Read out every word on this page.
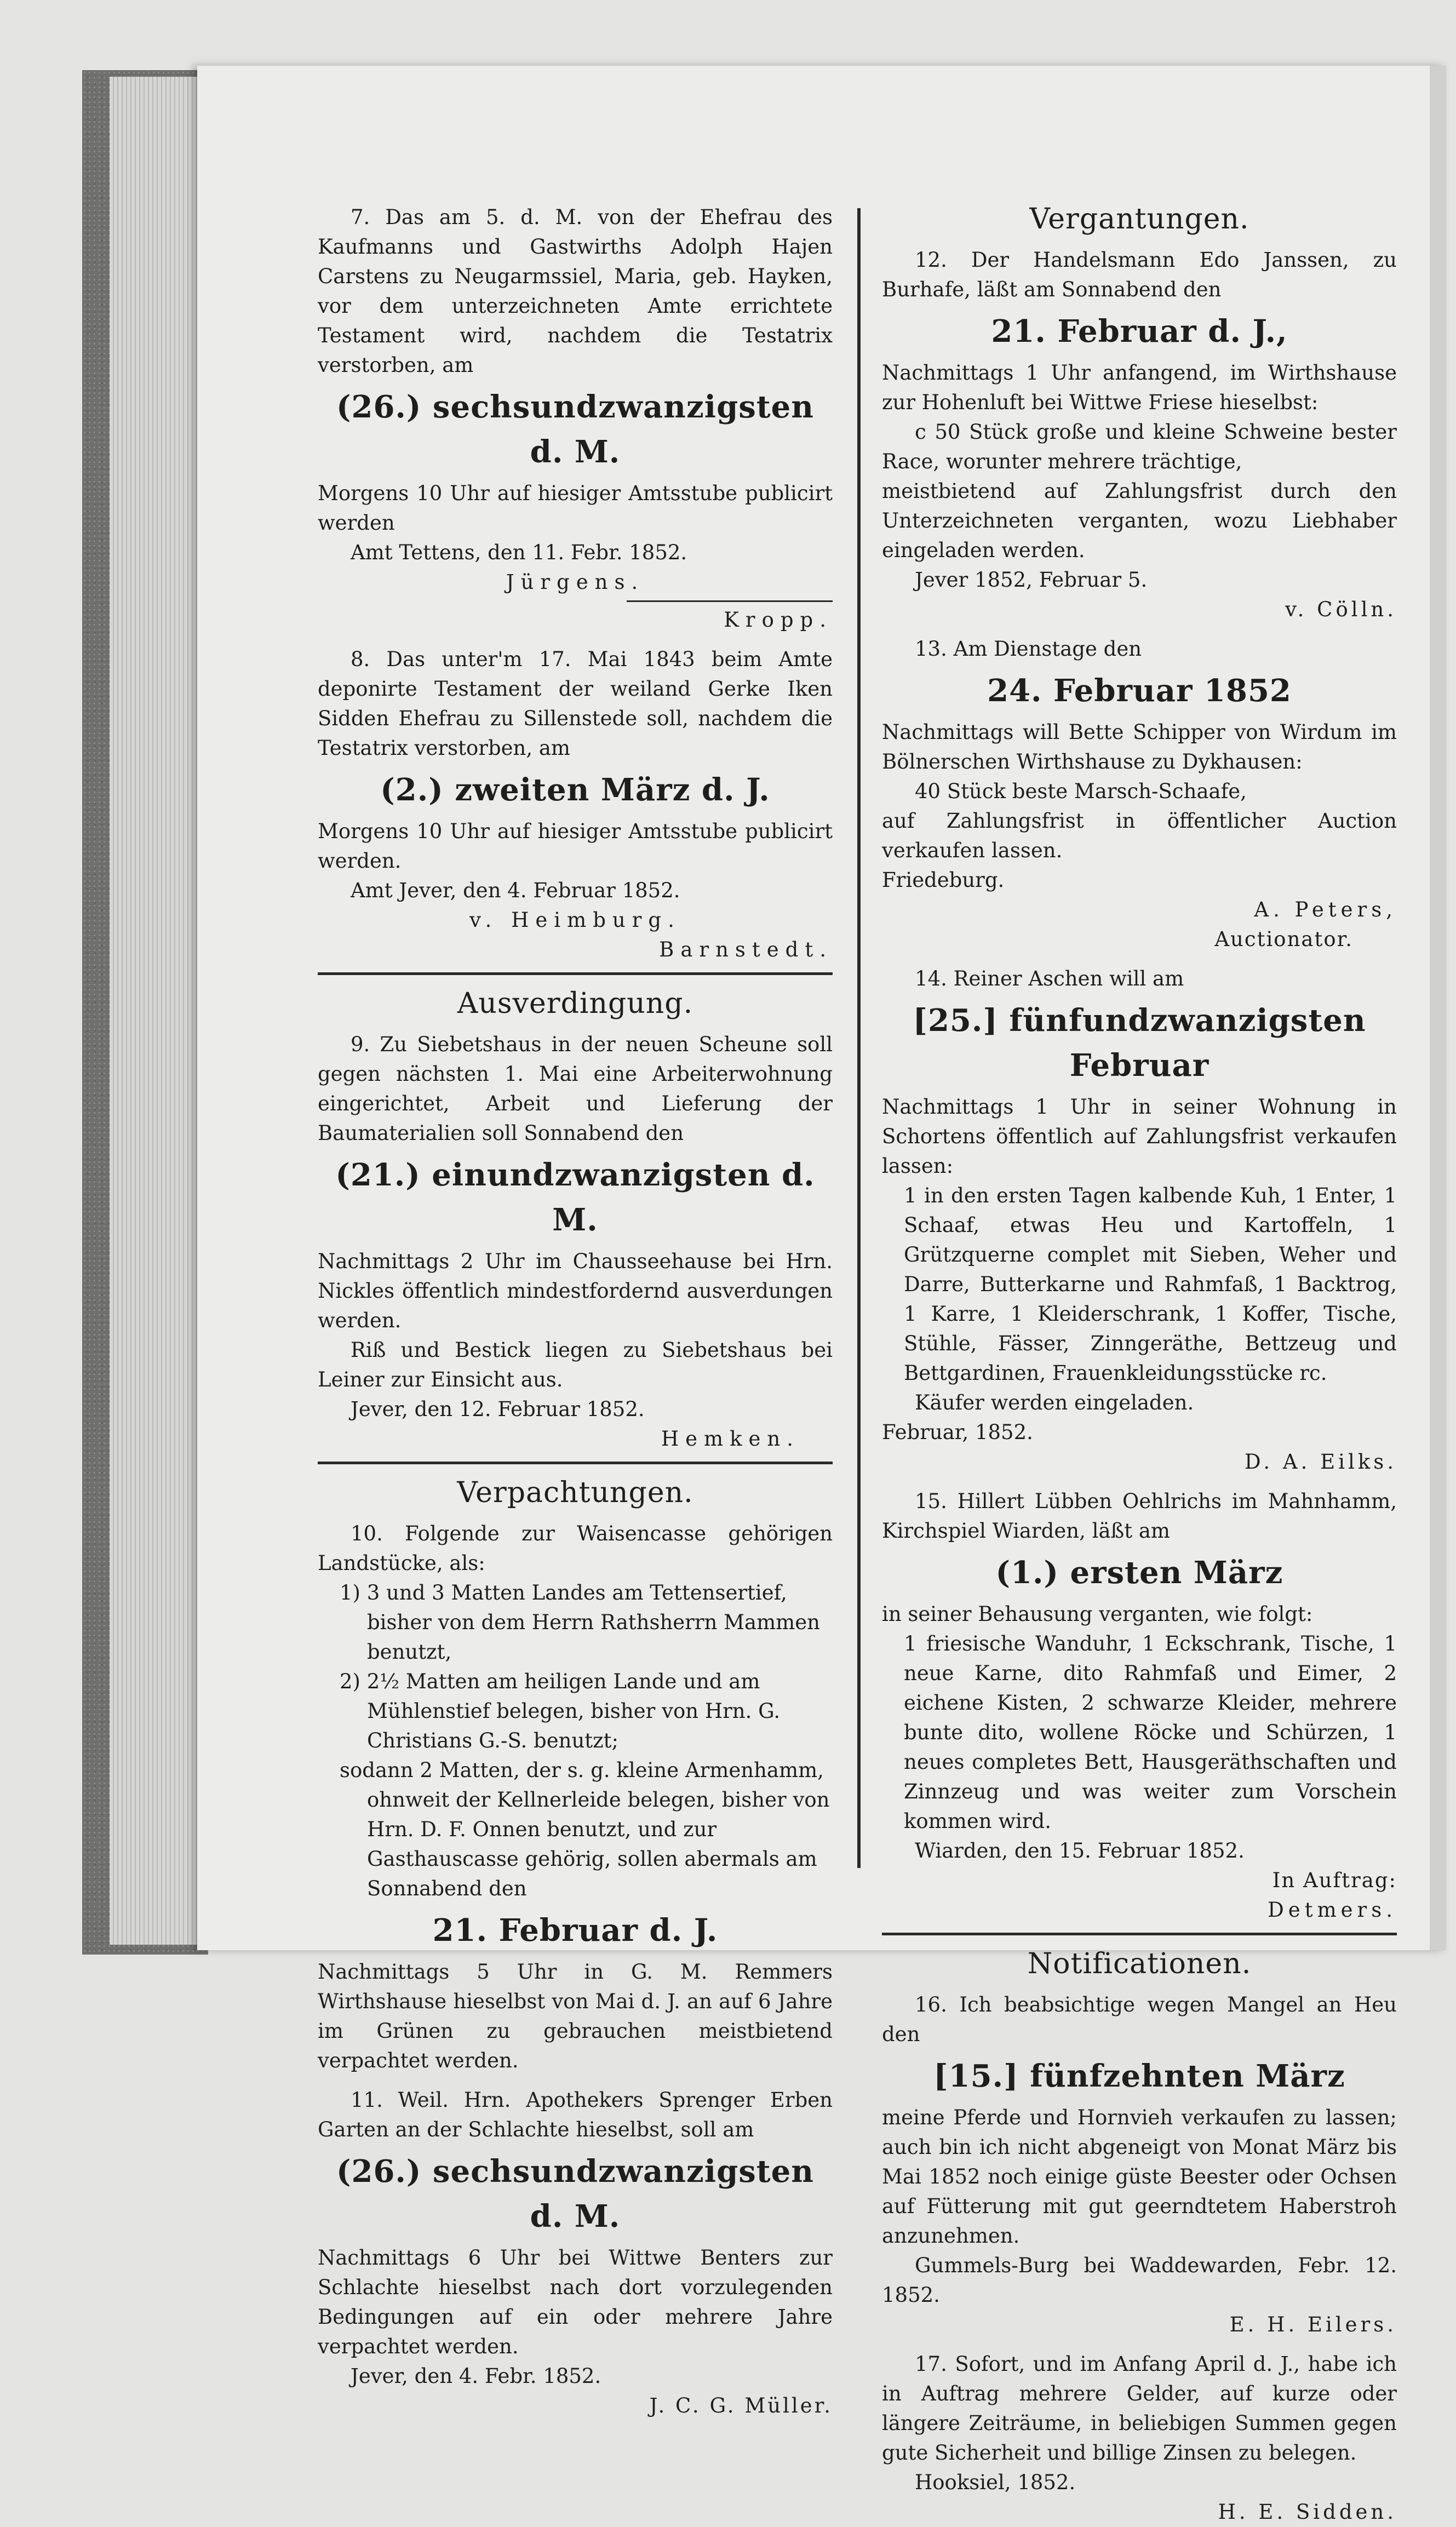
7. Das am 5. d. M. von der Ehefrau des Kaufmanns und Gastwirths Adolph Hajen Carstens zu Neugarmssiel, Maria, geb. Hayken, vor dem unterzeichneten Amte errichtete Testament wird, nachdem die Testatrix verstorben, am

(26.) sechsundzwanzigsten d. M.

Morgens 10 Uhr auf hiesiger Amtsstube publicirt werden

Amt Tettens, den 11. Febr. 1852.

Jürgens.
Kropp.

8. Das unter'm 17. Mai 1843 beim Amte deponirte Testament der weiland Gerke Iken Sidden Ehefrau zu Sillenstede soll, nachdem die Testatrix verstorben, am

(2.) zweiten März d. J.

Morgens 10 Uhr auf hiesiger Amtsstube publicirt werden.

Amt Jever, den 4. Februar 1852.

v. Heimburg.
Barnstedt.
Ausverdingung.

9. Zu Siebetshaus in der neuen Scheune soll gegen nächsten 1. Mai eine Arbeiterwohnung eingerichtet, Arbeit und Lieferung der Baumaterialien soll Sonnabend den

(21.) einundzwanzigsten d. M.

Nachmittags 2 Uhr im Chausseehause bei Hrn. Nickles öffentlich mindestfordernd ausverdungen werden.

Riß und Bestick liegen zu Siebetshaus bei Leiner zur Einsicht aus.

Jever, den 12. Februar 1852.

Hemken.
Verpachtungen.

10. Folgende zur Waisencasse gehörigen Landstücke, als:

1) 3 und 3 Matten Landes am Tettensertief, bisher von dem Herrn Rathsherrn Mammen benutzt,
2) 2½ Matten am heiligen Lande und am Mühlenstief belegen, bisher von Hrn. G. Christians G.-S. benutzt;
sodann 2 Matten, der s. g. kleine Armenhamm, ohnweit der Kellnerleide belegen, bisher von Hrn. D. F. Onnen benutzt, und zur Gasthauscasse gehörig, sollen abermals am Sonnabend den
21. Februar d. J.

Nachmittags 5 Uhr in G. M. Remmers Wirthshause hieselbst von Mai d. J. an auf 6 Jahre im Grünen zu gebrauchen meistbietend verpachtet werden.

11. Weil. Hrn. Apothekers Sprenger Erben Garten an der Schlachte hieselbst, soll am

(26.) sechsundzwanzigsten d. M.

Nachmittags 6 Uhr bei Wittwe Benters zur Schlachte hieselbst nach dort vorzulegenden Bedingungen auf ein oder mehrere Jahre verpachtet werden.

Jever, den 4. Febr. 1852.

J. C. G. Müller.
Vergantungen.

12. Der Handelsmann Edo Janssen, zu Burhafe, läßt am Sonnabend den

21. Februar d. J.,

Nachmittags 1 Uhr anfangend, im Wirthshause zur Hohenluft bei Wittwe Friese hieselbst:

c 50 Stück große und kleine Schweine bester Race, worunter mehrere trächtige,

meistbietend auf Zahlungsfrist durch den Unterzeichneten verganten, wozu Liebhaber eingeladen werden.

Jever 1852, Februar 5.

v. Cölln.

13. Am Dienstage den

24. Februar 1852

Nachmittags will Bette Schipper von Wirdum im Bölnerschen Wirthshause zu Dykhausen:

40 Stück beste Marsch-Schaafe,

auf Zahlungsfrist in öffentlicher Auction verkaufen lassen.

Friedeburg.

A. Peters,
Auctionator.

14. Reiner Aschen will am

[25.] fünfundzwanzigsten Februar

Nachmittags 1 Uhr in seiner Wohnung in Schortens öffentlich auf Zahlungsfrist verkaufen lassen:

1 in den ersten Tagen kalbende Kuh, 1 Enter, 1 Schaaf, etwas Heu und Kartoffeln, 1 Grützquerne complet mit Sieben, Weher und Darre, Butterkarne und Rahmfaß, 1 Backtrog, 1 Karre, 1 Kleiderschrank, 1 Koffer, Tische, Stühle, Fässer, Zinngeräthe, Bettzeug und Bettgardinen, Frauenkleidungsstücke rc.

Käufer werden eingeladen.

Februar, 1852.

D. A. Eilks.

15. Hillert Lübben Oehlrichs im Mahnhamm, Kirchspiel Wiarden, läßt am

(1.) ersten März

in seiner Behausung verganten, wie folgt:

1 friesische Wanduhr, 1 Eckschrank, Tische, 1 neue Karne, dito Rahmfaß und Eimer, 2 eichene Kisten, 2 schwarze Kleider, mehrere bunte dito, wollene Röcke und Schürzen, 1 neues completes Bett, Hausgeräthschaften und Zinnzeug und was weiter zum Vorschein kommen wird.

Wiarden, den 15. Februar 1852.

In Auftrag:
Detmers.
Notificationen.

16. Ich beabsichtige wegen Mangel an Heu den

[15.] fünfzehnten März

meine Pferde und Hornvieh verkaufen zu lassen; auch bin ich nicht abgeneigt von Monat März bis Mai 1852 noch einige güste Beester oder Ochsen auf Fütterung mit gut geerndtetem Haberstroh anzunehmen.

Gummels-Burg bei Waddewarden, Febr. 12. 1852.

E. H. Eilers.

17. Sofort, und im Anfang April d. J., habe ich in Auftrag mehrere Gelder, auf kurze oder längere Zeiträume, in beliebigen Summen gegen gute Sicherheit und billige Zinsen zu belegen.

Hooksiel, 1852.

H. E. Sidden.
